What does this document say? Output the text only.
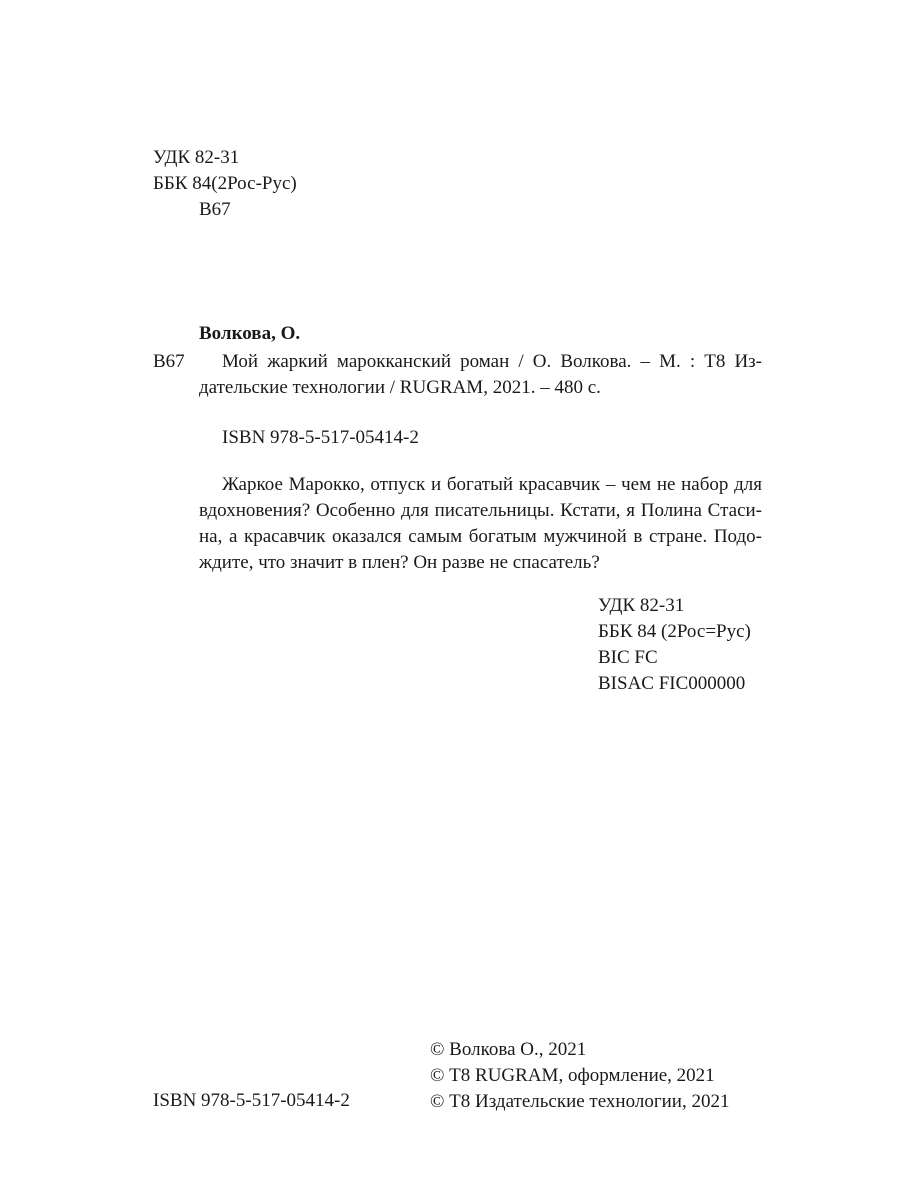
УДК 82-31
ББК 84(2Рос-Рус)
В67
Волкова, О.
В67 Мой жаркий марокканский роман / О. Волкова. – М. : Т8 Из-
дательские технологии / RUGRAM, 2021. – 480 с.
ISBN 978-5-517-05414-2
Жаркое Марокко, отпуск и богатый красавчик – чем не набор для
вдохновения? Особенно для писательницы. Кстати, я Полина Стаси-
на, а красавчик оказался самым богатым мужчиной в стране. Подо-
ждите, что значит в плен? Он разве не спасатель?
УДК 82-31
ББК 84 (2Рос=Рус)
BIC FC
BISAC FIC000000
ISBN 978-5-517-05414-2
© Волкова О., 2021
© Т8 RUGRAM, оформление, 2021
© Т8 Издательские технологии, 2021
